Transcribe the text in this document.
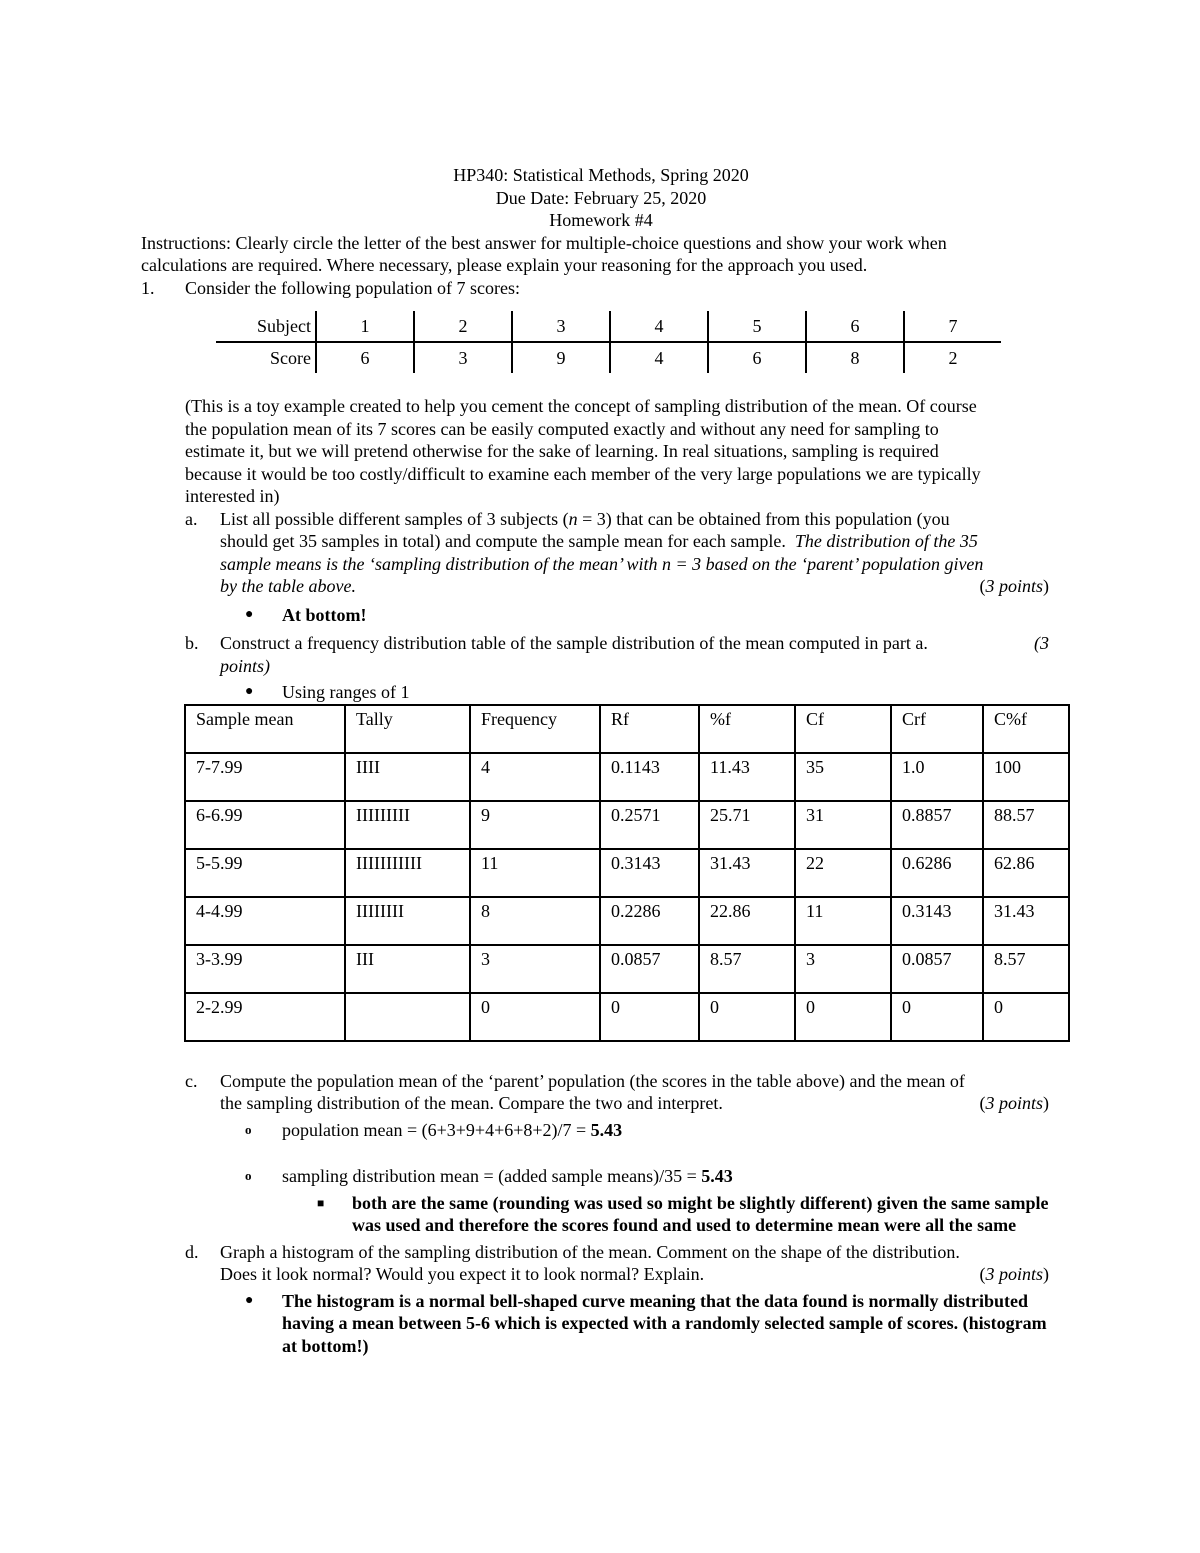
HP340: Statistical Methods, Spring 2020

Due Date: February 25, 2020

Homework #4

Instructions: Clearly circle the letter of the best answer for multiple-choice questions and show your work when

calculations are required. Where necessary, please explain your reasoning for the approach you used.

1. Consider the following population of 7 scores:

Subject	1	2	3	4	5	6	7
Score	6	3	9	4	6	8	2

(This is a toy example created to help you cement the concept of sampling distribution of the mean. Of course

the population mean of its 7 scores can be easily computed exactly and without any need for sampling to

estimate it, but we will pretend otherwise for the sake of learning. In real situations, sampling is required

because it would be too costly/difficult to examine each member of the very large populations we are typically

interested in)

a. List all possible different samples of 3 subjects (n = 3) that can be obtained from this population (you

should get 35 samples in total) and compute the sample mean for each sample.  The distribution of the 35

sample means is the ‘sampling distribution of the mean’ with n = 3 based on the ‘parent’ population given

by the table above.	(3 points)

● At bottom!

b. Construct a frequency distribution table of the sample distribution of the mean computed in part a.	(3

points)

● Using ranges of 1

Sample mean	Tally	Frequency	Rf	%f	Cf	Crf	C%f
7-7.99	IIII	4	0.1143	11.43	35	1.0	100
6-6.99	IIIIIIIII	9	0.2571	25.71	31	0.8857	88.57
5-5.99	IIIIIIIIIII	11	0.3143	31.43	22	0.6286	62.86
4-4.99	IIIIIIII	8	0.2286	22.86	11	0.3143	31.43
3-3.99	III	3	0.0857	8.57	3	0.0857	8.57
2-2.99		0	0	0	0	0	0

c. Compute the population mean of the ‘parent’ population (the scores in the table above) and the mean of

the sampling distribution of the mean. Compare the two and interpret.	(3 points)

o population mean = (6+3+9+4+6+8+2)/7 = 5.43

o sampling distribution mean = (added sample means)/35 = 5.43

■ both are the same (rounding was used so might be slightly different) given the same sample was used and therefore the scores found and used to determine mean were all the same

d. Graph a histogram of the sampling distribution of the mean. Comment on the shape of the distribution.

Does it look normal? Would you expect it to look normal? Explain.	(3 points)

● The histogram is a normal bell-shaped curve meaning that the data found is normally distributed having a mean between 5-6 which is expected with a randomly selected sample of scores. (histogram at bottom!)
